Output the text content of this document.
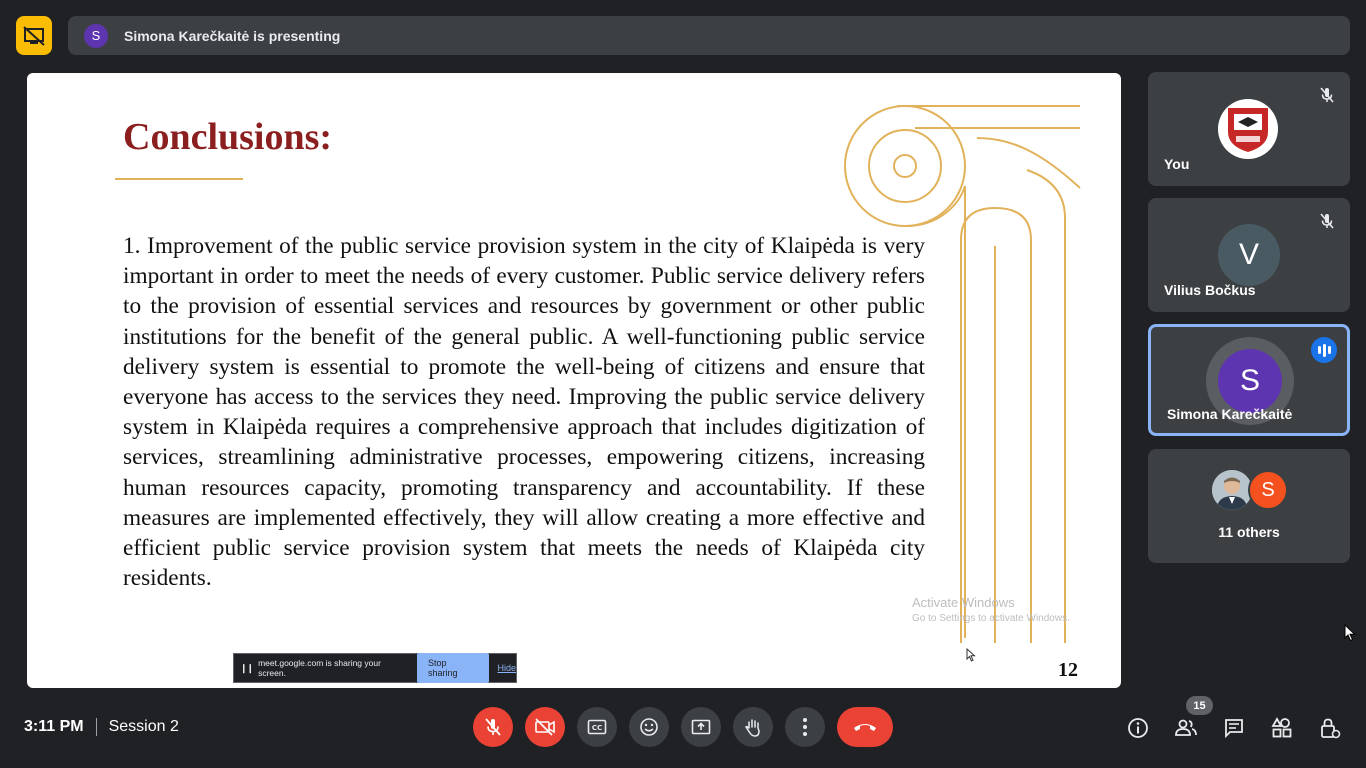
S	Simona Karečkaitė is presenting
Conclusions:
1. Improvement of the public service provision system in the city of Klaipėda is very important in order to meet the needs of every customer. Public service delivery refers to the provision of essential services and resources by government or other public institutions for the benefit of the general public. A well-functioning public service delivery system is essential to promote the well-being of citizens and ensure that everyone has access to the services they need. Improving the public service delivery system in Klaipėda requires a comprehensive approach that includes digitization of services, streamlining administrative processes, empowering citizens, increasing human resources capacity, promoting transparency and accountability. If these measures are implemented effectively, they will allow creating a more effective and efficient public service provision system that meets the needs of Klaipėda city residents.
Activate Windows
Go to Settings to activate Windows.
12
❙❙ meet.google.com is sharing your screen.
Stop sharing	Hide
You
V
Vilius Bočkus
S
Simona Karečkaitė
S
11 others
3:11 PM Session 2	CC
15
